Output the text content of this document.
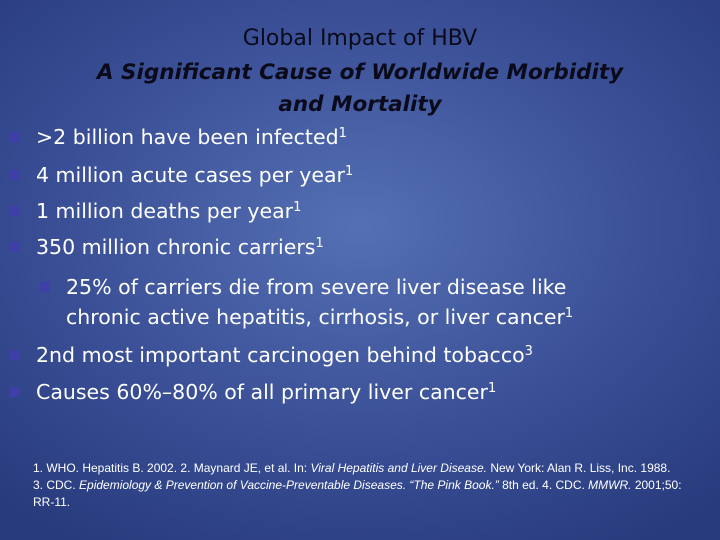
Global Impact of HBV
A Significant Cause of Worldwide Morbidity
and Mortality
>2 billion have been infected$^1$
4 million acute cases per year$^1$
1 million deaths per year$^1$
350 million chronic carriers$^1$
25% of carriers die from severe liver disease like
chronic active hepatitis, cirrhosis, or liver cancer$^1$
2nd most important carcinogen behind tobacco$^3$
Causes 60%–80% of all primary liver cancer$^1$
1. WHO. Hepatitis B. 2002. 2. Maynard JE, et al. In: Viral Hepatitis and Liver Disease. New York: Alan R. Liss, Inc. 1988.
3. CDC. Epidemiology & Prevention of Vaccine-Preventable Diseases. “The Pink Book.” 8th ed. 4. CDC. MMWR. 2001;50:
RR-11.
